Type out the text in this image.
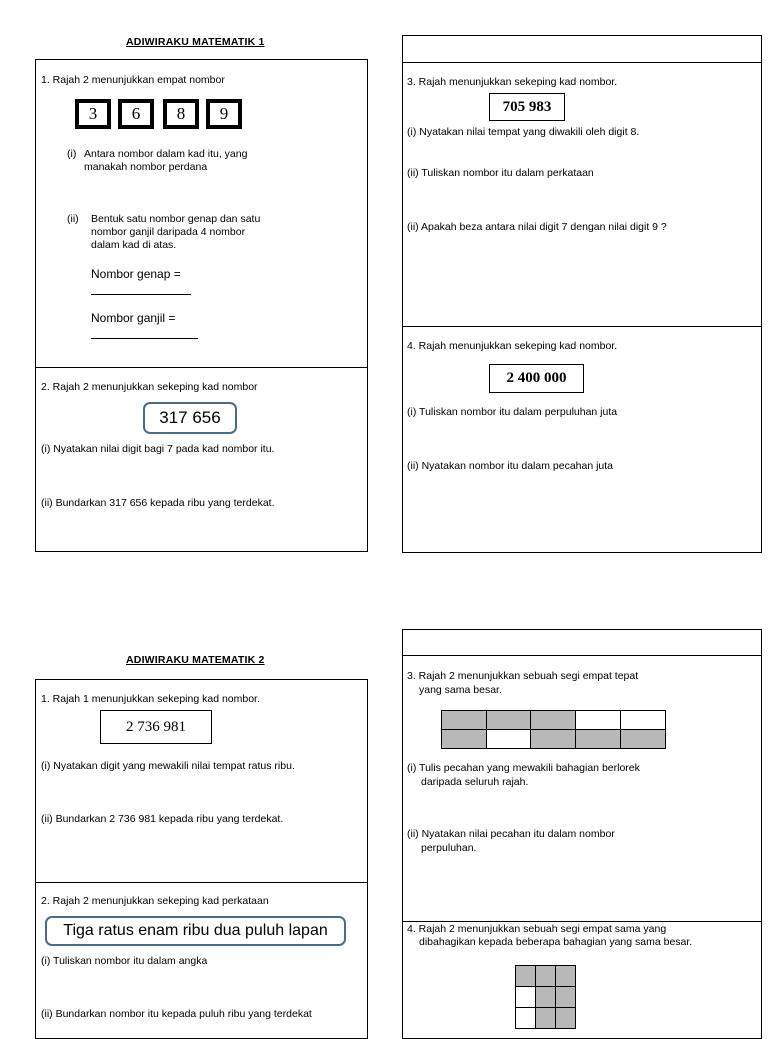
ADIWIRAKU MATEMATIK 1
1. Rajah 2 menunjukkan empat nombor
3	6	8	9
(i) Antara nombor dalam kad itu, yang
manakah nombor perdana
(ii) Bentuk satu nombor genap dan satu
nombor ganjil daripada 4 nombor
dalam kad di atas.
Nombor genap =
Nombor ganjil =
2. Rajah 2 menunjukkan sekeping kad nombor
317 656
(i) Nyatakan nilai digit bagi 7 pada kad nombor itu.
(ii) Bundarkan 317 656 kepada ribu yang terdekat.
3. Rajah menunjukkan sekeping kad nombor.
705 983
(i) Nyatakan nilai tempat yang diwakili oleh digit 8.
(ii) Tuliskan nombor itu dalam perkataan
(ii) Apakah beza antara nilai digit 7 dengan nilai digit 9 ?
4. Rajah menunjukkan sekeping kad nombor.
2 400 000
(i) Tuliskan nombor itu dalam perpuluhan juta
(ii) Nyatakan nombor itu dalam pecahan juta
ADIWIRAKU MATEMATIK 2
1. Rajah 1 menunjukkan sekeping kad nombor.
2 736 981
(i) Nyatakan digit yang mewakili nilai tempat ratus ribu.
(ii) Bundarkan 2 736 981 kepada ribu yang terdekat.
2. Rajah 2 menunjukkan sekeping kad perkataan
Tiga ratus enam ribu dua puluh lapan
(i) Tuliskan nombor itu dalam angka
(ii) Bundarkan nombor itu kepada puluh ribu yang terdekat
3. Rajah 2 menunjukkan sebuah segi empat tepat
yang sama besar.

(i) Tulis pecahan yang mewakili bahagian berlorek
daripada seluruh rajah.
(ii) Nyatakan nilai pecahan itu dalam nombor
perpuluhan.
4. Rajah 2 menunjukkan sebuah segi empat sama yang
dibahagikan kepada beberapa bahagian yang sama besar.
